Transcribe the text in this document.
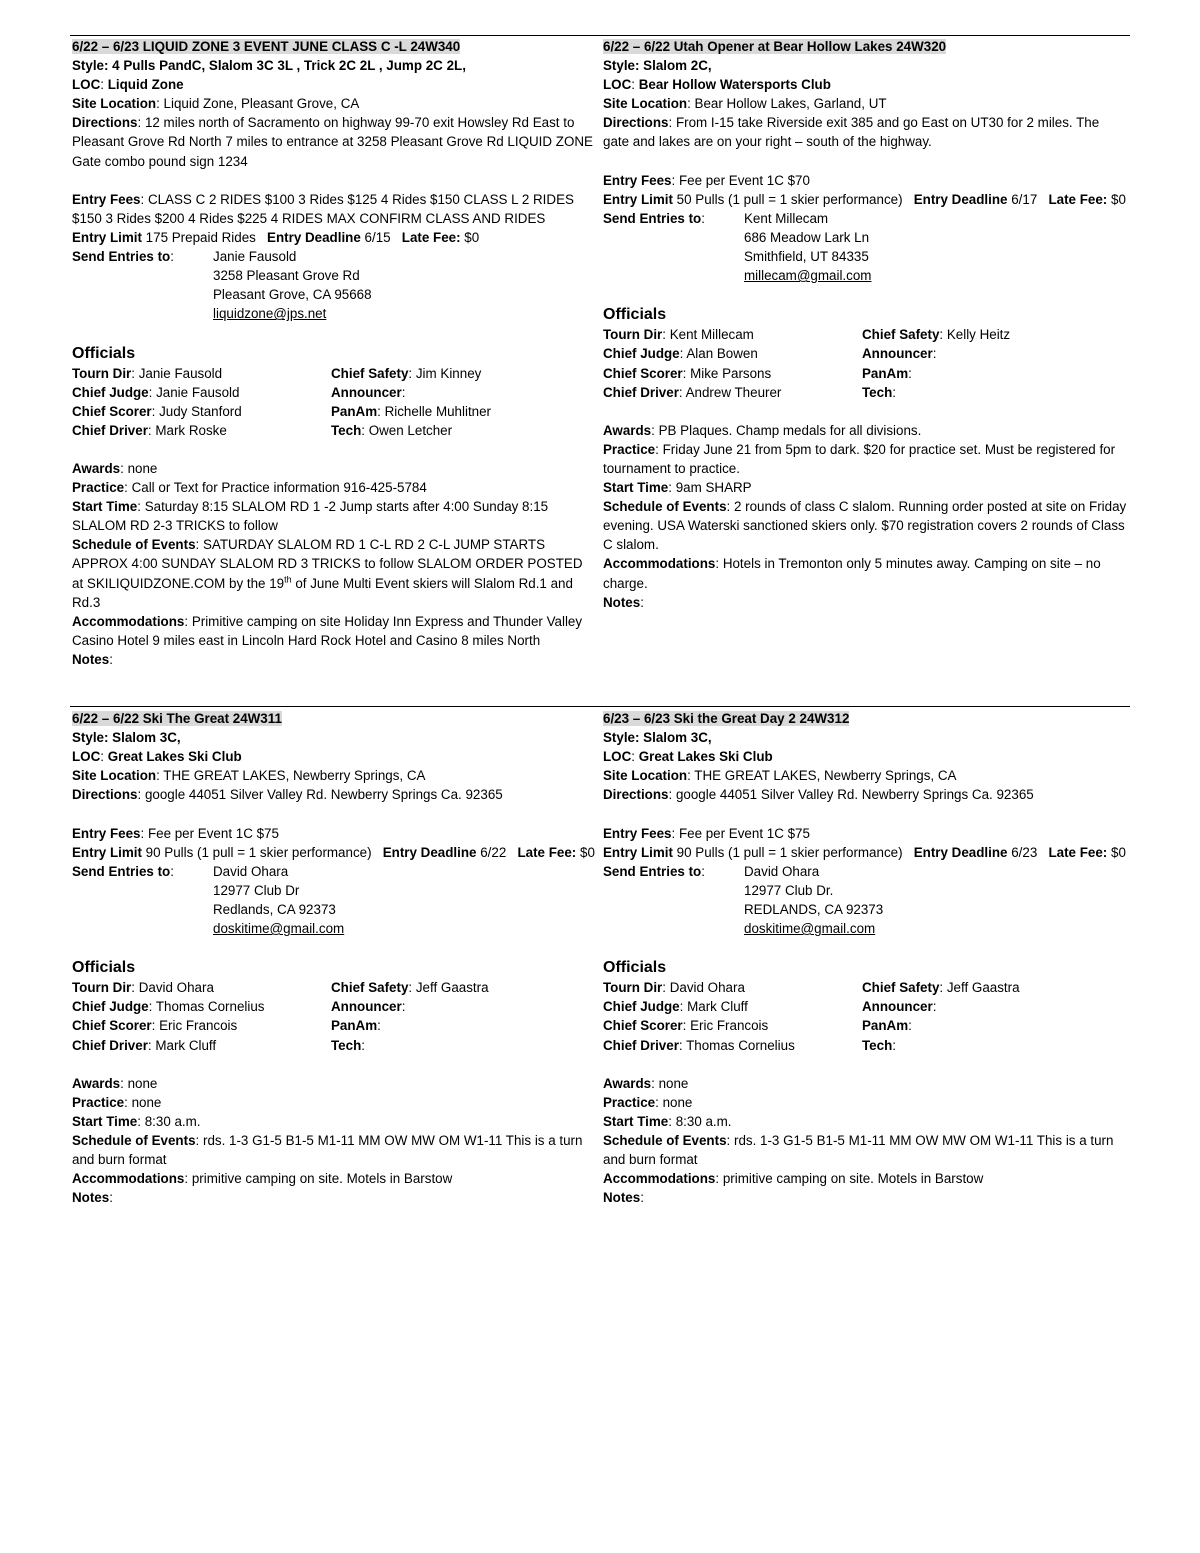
6/22 – 6/23 LIQUID ZONE 3 EVENT JUNE CLASS C -L 24W340
Style: 4 Pulls PandC, Slalom 3C 3L , Trick 2C 2L , Jump 2C 2L,
LOC: Liquid Zone
Site Location: Liquid Zone, Pleasant Grove, CA
Directions: 12 miles north of Sacramento on highway 99-70 exit Howsley Rd East to Pleasant Grove Rd North 7 miles to entrance at 3258 Pleasant Grove Rd LIQUID ZONE Gate combo pound sign 1234
Entry Fees: CLASS C 2 RIDES $100 3 Rides $125 4 Rides $150 CLASS L 2 RIDES $150 3 Rides $200 4 Rides $225 4 RIDES MAX CONFIRM CLASS AND RIDES
Entry Limit 175 Prepaid Rides Entry Deadline 6/15 Late Fee: $0
Send Entries to:	Janie Fausold
3258 Pleasant Grove Rd
Pleasant Grove, CA 95668
liquidzone@jps.net
Officials
Tourn Dir: Janie Fausold	Chief Safety: Jim Kinney
Chief Judge: Janie Fausold	Announcer:
Chief Scorer: Judy Stanford	PanAm: Richelle Muhlitner
Chief Driver: Mark Roske	Tech: Owen Letcher
Awards: none
Practice: Call or Text for Practice information 916-425-5784
Start Time: Saturday 8:15 SLALOM RD 1 -2 Jump starts after 4:00 Sunday 8:15 SLALOM RD 2-3 TRICKS to follow
Schedule of Events: SATURDAY SLALOM RD 1 C-L RD 2 C-L JUMP STARTS APPROX 4:00 SUNDAY SLALOM RD 3 TRICKS to follow SLALOM ORDER POSTED at SKILIQUIDZONE.COM by the 19th of June Multi Event skiers will Slalom Rd.1 and Rd.3
Accommodations: Primitive camping on site Holiday Inn Express and Thunder Valley Casino Hotel 9 miles east in Lincoln Hard Rock Hotel and Casino 8 miles North
Notes:
6/22 – 6/22 Utah Opener at Bear Hollow Lakes 24W320
Style: Slalom 2C,
LOC: Bear Hollow Watersports Club
Site Location: Bear Hollow Lakes, Garland, UT
Directions: From I-15 take Riverside exit 385 and go East on UT30 for 2 miles. The gate and lakes are on your right – south of the highway.
Entry Fees: Fee per Event 1C $70
Entry Limit 50 Pulls (1 pull = 1 skier performance) Entry Deadline 6/17 Late Fee: $0
Send Entries to:	Kent Millecam
686 Meadow Lark Ln
Smithfield, UT 84335
millecam@gmail.com
Officials
Tourn Dir: Kent Millecam	Chief Safety: Kelly Heitz
Chief Judge: Alan Bowen	Announcer:
Chief Scorer: Mike Parsons	PanAm:
Chief Driver: Andrew Theurer	Tech:
Awards: PB Plaques. Champ medals for all divisions.
Practice: Friday June 21 from 5pm to dark. $20 for practice set. Must be registered for tournament to practice.
Start Time: 9am SHARP
Schedule of Events: 2 rounds of class C slalom. Running order posted at site on Friday evening. USA Waterski sanctioned skiers only. $70 registration covers 2 rounds of Class C slalom.
Accommodations: Hotels in Tremonton only 5 minutes away. Camping on site – no charge.
Notes:
6/22 – 6/22 Ski The Great 24W311
Style: Slalom 3C,
LOC: Great Lakes Ski Club
Site Location: THE GREAT LAKES, Newberry Springs, CA
Directions: google 44051 Silver Valley Rd. Newberry Springs Ca. 92365
Entry Fees: Fee per Event 1C $75
Entry Limit 90 Pulls (1 pull = 1 skier performance) Entry Deadline 6/22 Late Fee: $0
Send Entries to:	David Ohara
12977 Club Dr
Redlands, CA 92373
doskitime@gmail.com
Officials
Tourn Dir: David Ohara	Chief Safety: Jeff Gaastra
Chief Judge: Thomas Cornelius	Announcer:
Chief Scorer: Eric Francois	PanAm:
Chief Driver: Mark Cluff	Tech:
Awards: none
Practice: none
Start Time: 8:30 a.m.
Schedule of Events: rds. 1-3 G1-5 B1-5 M1-11 MM OW MW OM W1-11 This is a turn and burn format
Accommodations: primitive camping on site. Motels in Barstow
Notes:
6/23 – 6/23 Ski the Great Day 2 24W312
Style: Slalom 3C,
LOC: Great Lakes Ski Club
Site Location: THE GREAT LAKES, Newberry Springs, CA
Directions: google 44051 Silver Valley Rd. Newberry Springs Ca. 92365
Entry Fees: Fee per Event 1C $75
Entry Limit 90 Pulls (1 pull = 1 skier performance) Entry Deadline 6/23 Late Fee: $0
Send Entries to:	David Ohara
12977 Club Dr.
REDLANDS, CA 92373
doskitime@gmail.com
Officials
Tourn Dir: David Ohara	Chief Safety: Jeff Gaastra
Chief Judge: Mark Cluff	Announcer:
Chief Scorer: Eric Francois	PanAm:
Chief Driver: Thomas Cornelius	Tech:
Awards: none
Practice: none
Start Time: 8:30 a.m.
Schedule of Events: rds. 1-3 G1-5 B1-5 M1-11 MM OW MW OM W1-11 This is a turn and burn format
Accommodations: primitive camping on site. Motels in Barstow
Notes:
